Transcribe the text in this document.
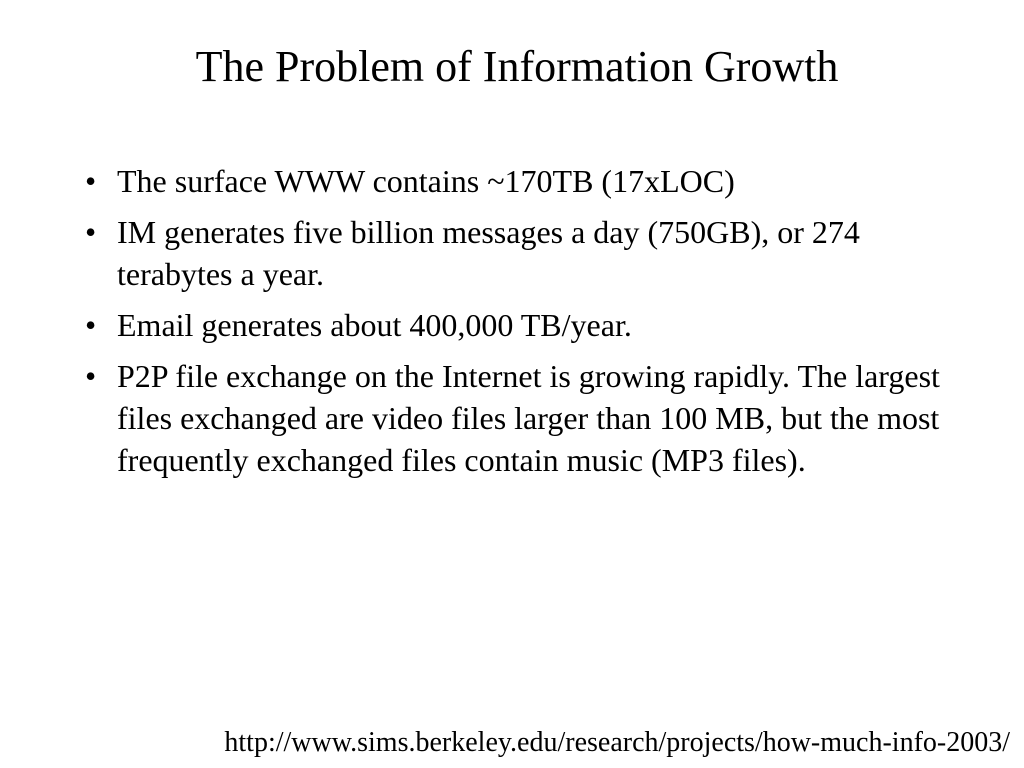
The Problem of Information Growth
• The surface WWW contains ~170TB (17xLOC)
• IM generates five billion messages a day (750GB), or 274 terabytes a year.
• Email generates about 400,000 TB/year.
• P2P file exchange on the Internet is growing rapidly. The largest files exchanged are video files larger than 100 MB, but the most frequently exchanged files contain music (MP3 files).
http://www.sims.berkeley.edu/research/projects/how-much-info-2003/
